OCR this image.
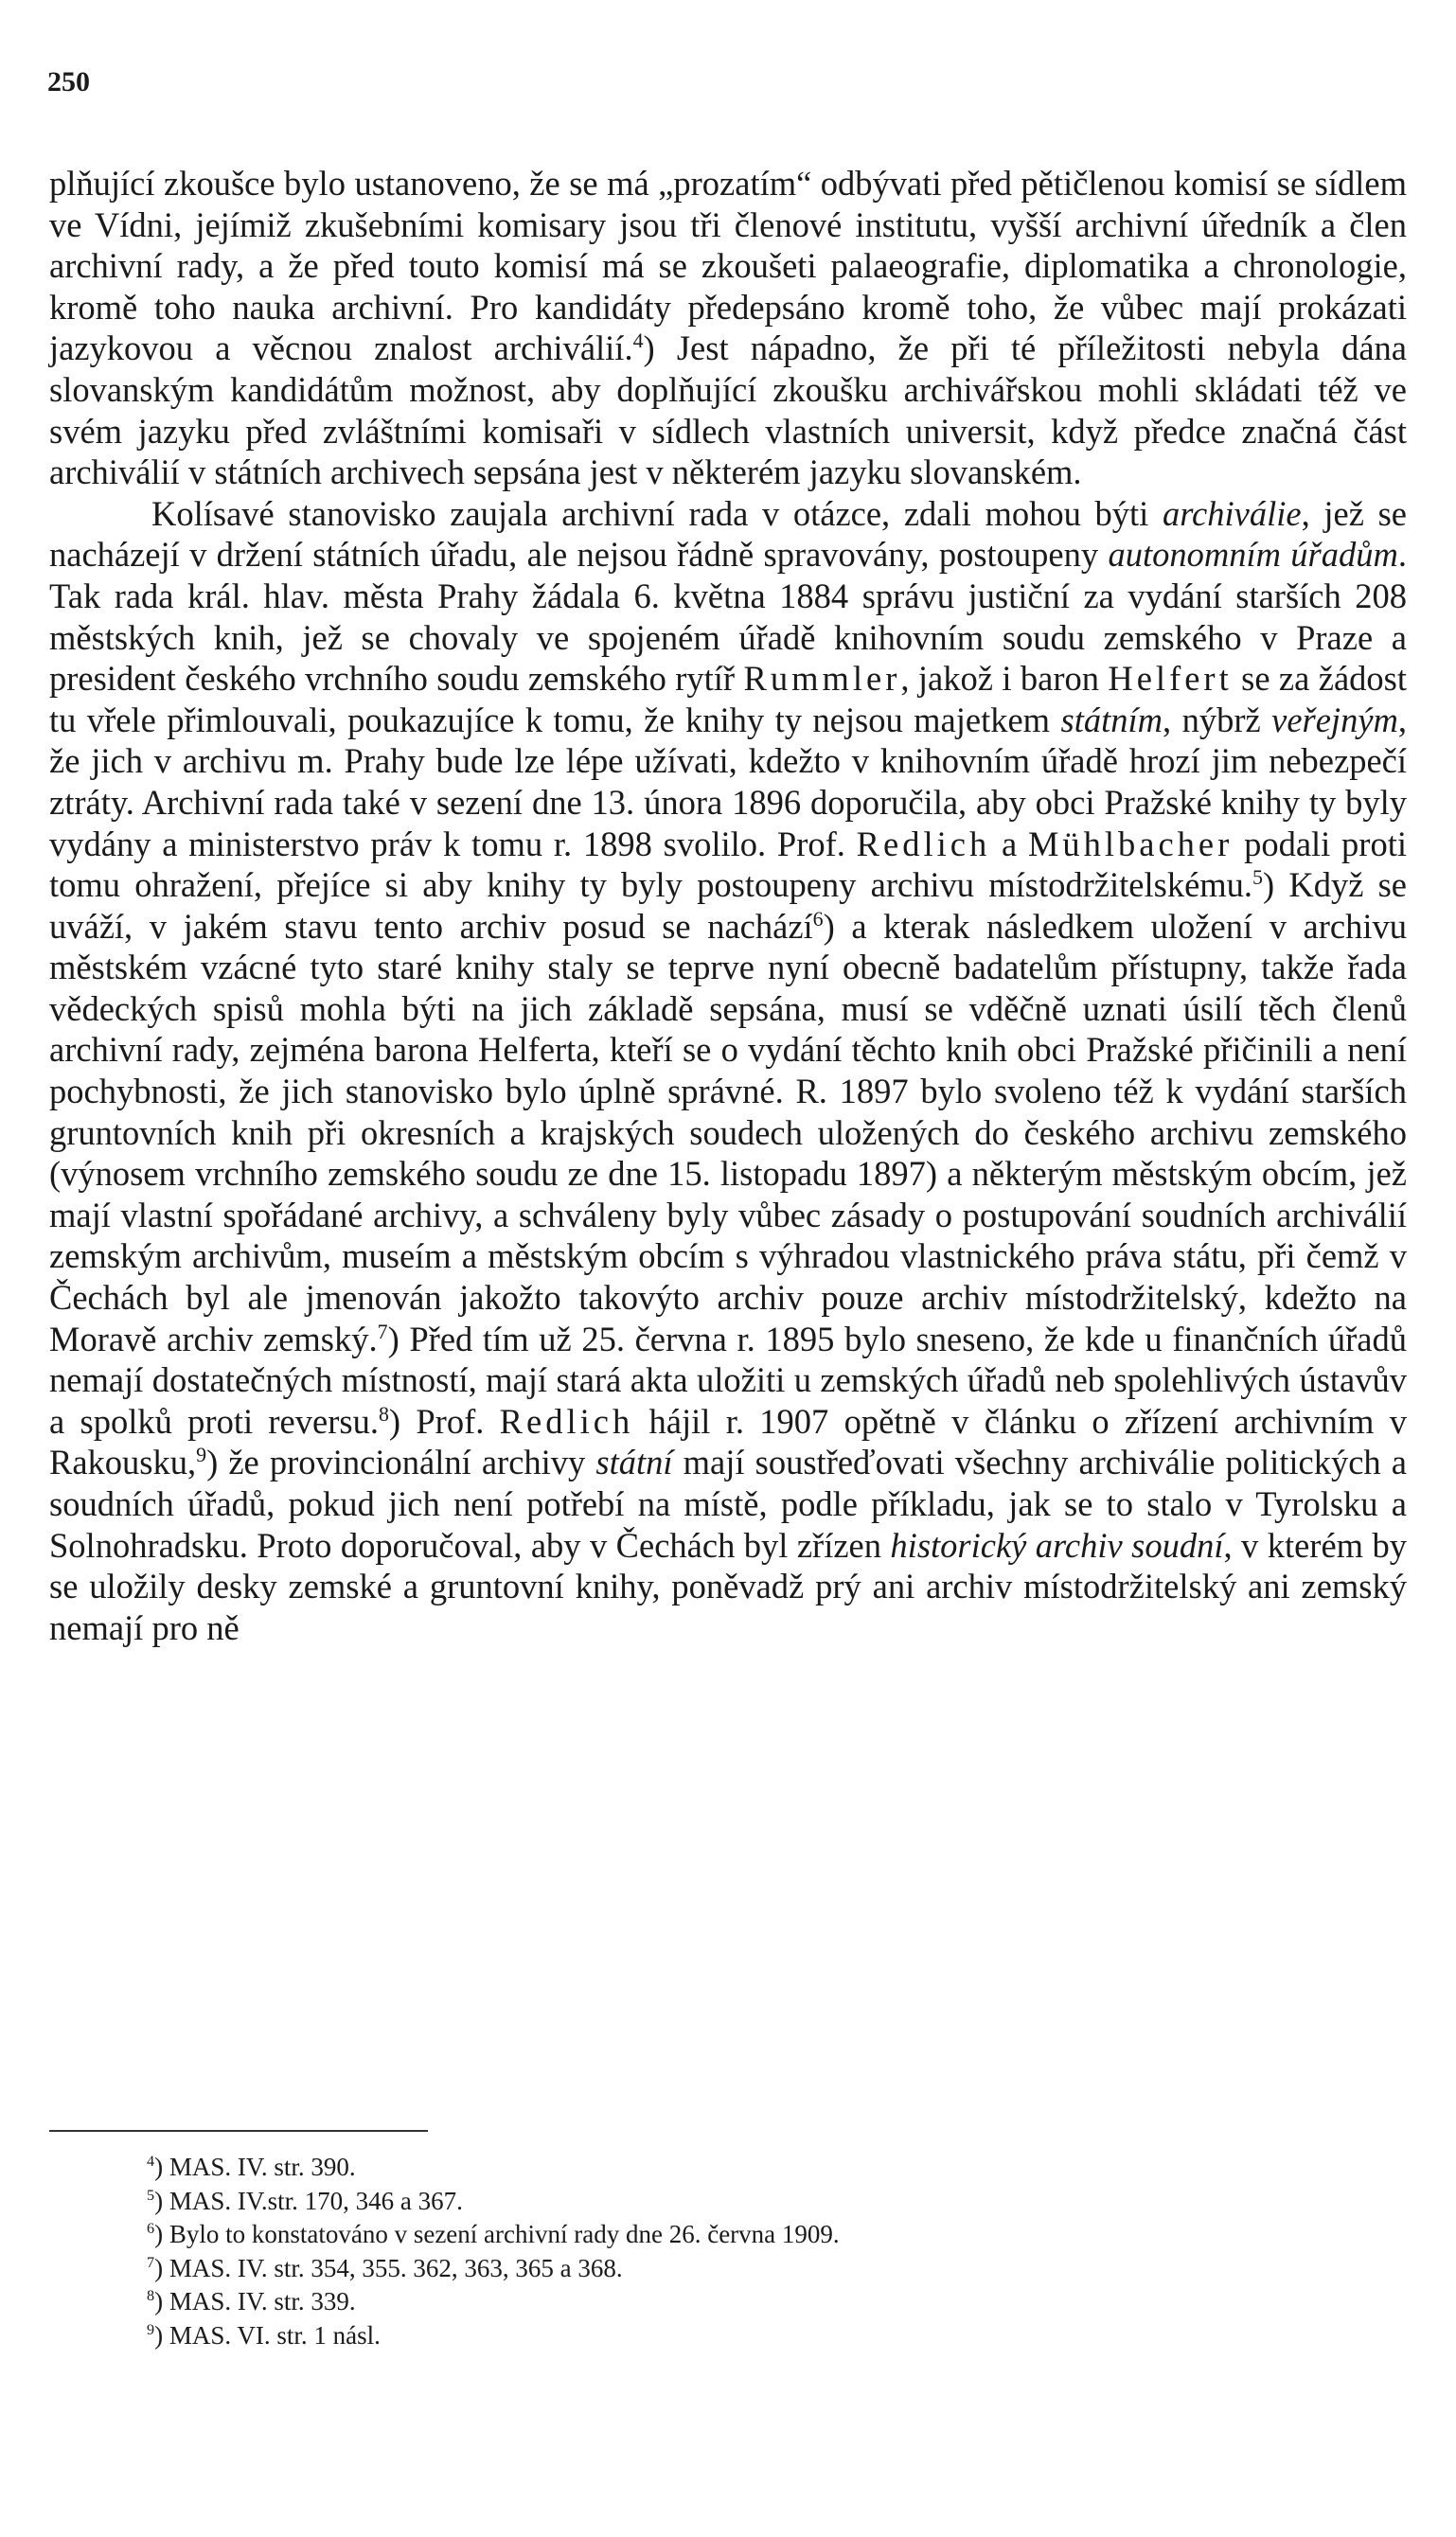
250

plňující zkoušce bylo ustanoveno, že se má „prozatím“ odbývati před pětičlenou komisí se sídlem ve Vídni, jejímiž zkušebními komisary jsou tři členové institutu, vyšší archivní úředník a člen archivní rady, a že před touto komisí má se zkoušeti palaeografie, diplomatika a chronologie, kromě toho nauka archivní. Pro kandidáty předepsáno kromě toho, že vůbec mají prokázati jazykovou a věcnou znalost archiválií.$^4$) Jest nápadno, že při té příležitosti nebyla dána slovanským kandidátům možnost, aby doplňující zkoušku archivářskou mohli skládati též ve svém jazyku před zvláštními komisaři v sídlech vlastních universit, když předce značná část archiválií v státních archivech sepsána jest v některém jazyku slovanském.

Kolísavé stanovisko zaujala archivní rada v otázce, zdali mohou býti archiválie, jež se nacházejí v držení státních úřadu, ale nejsou řádně spravovány, postoupeny autonomním úřadům. Tak rada král. hlav. města Prahy žádala 6. května 1884 správu justiční za vydání starších 208 městských knih, jež se chovaly ve spojeném úřadě knihovním soudu zemského v Praze a president českého vrchního soudu zemského rytíř Rummler, jakož i baron Helfert se za žádost tu vřele přimlouvali, poukazujíce k tomu, že knihy ty nejsou majetkem státním, nýbrž veřejným, že jich v archivu m. Prahy bude lze lépe užívati, kdežto v knihovním úřadě hrozí jim nebezpečí ztráty. Archivní rada také v sezení dne 13. února 1896 doporučila, aby obci Pražské knihy ty byly vydány a ministerstvo práv k tomu r. 1898 svolilo. Prof. Redlich a Mühlbacher podali proti tomu ohražení, přejíce si aby knihy ty byly postoupeny archivu místodržitelskému.$^5$) Když se uváží, v jakém stavu tento archiv posud se nachází$^6$) a kterak následkem uložení v archivu městském vzácné tyto staré knihy staly se teprve nyní obecně badatelům přístupny, takže řada vědeckých spisů mohla býti na jich základě sepsána, musí se vděčně uznati úsilí těch členů archivní rady, zejména barona Helferta, kteří se o vydání těchto knih obci Pražské přičinili a není pochybnosti, že jich stanovisko bylo úplně správné. R. 1897 bylo svoleno též k vydání starších gruntovních knih při okresních a krajských soudech uložených do českého archivu zemského (výnosem vrchního zemského soudu ze dne 15. listopadu 1897) a některým městským obcím, jež mají vlastní spořádané archivy, a schváleny byly vůbec zásady o postupování soudních archiválií zemským archivům, museím a městským obcím s výhradou vlastnického práva státu, při čemž v Čechách byl ale jmenován jakožto takovýto archiv pouze archiv místodržitelský, kdežto na Moravě archiv zemský.$^7$) Před tím už 25. června r. 1895 bylo sneseno, že kde u finančních úřadů nemají dostatečných místností, mají stará akta uložiti u zemských úřadů neb spolehlivých ústavův a spolků proti reversu.$^8$) Prof. Redlich hájil r. 1907 opětně v článku o zřízení archivním v Rakousku,$^9$) že provincionální archivy státní mají soustřeďovati všechny archiválie politických a soudních úřadů, pokud jich není potřebí na místě, podle příkladu, jak se to stalo v Tyrolsku a Solnohradsku. Proto doporučoval, aby v Čechách byl zřízen historický archiv soudní, v kterém by se uložily desky zemské a gruntovní knihy, poněvadž prý ani archiv místodržitelský ani zemský nemají pro ně

$^4$) MAS. IV. str. 390.
$^5$) MAS. IV.str. 170, 346 a 367.
$^6$) Bylo to konstatováno v sezení archivní rady dne 26. června 1909.
$^7$) MAS. IV. str. 354, 355. 362, 363, 365 a 368.
$^8$) MAS. IV. str. 339.
$^9$) MAS. VI. str. 1 násl.
